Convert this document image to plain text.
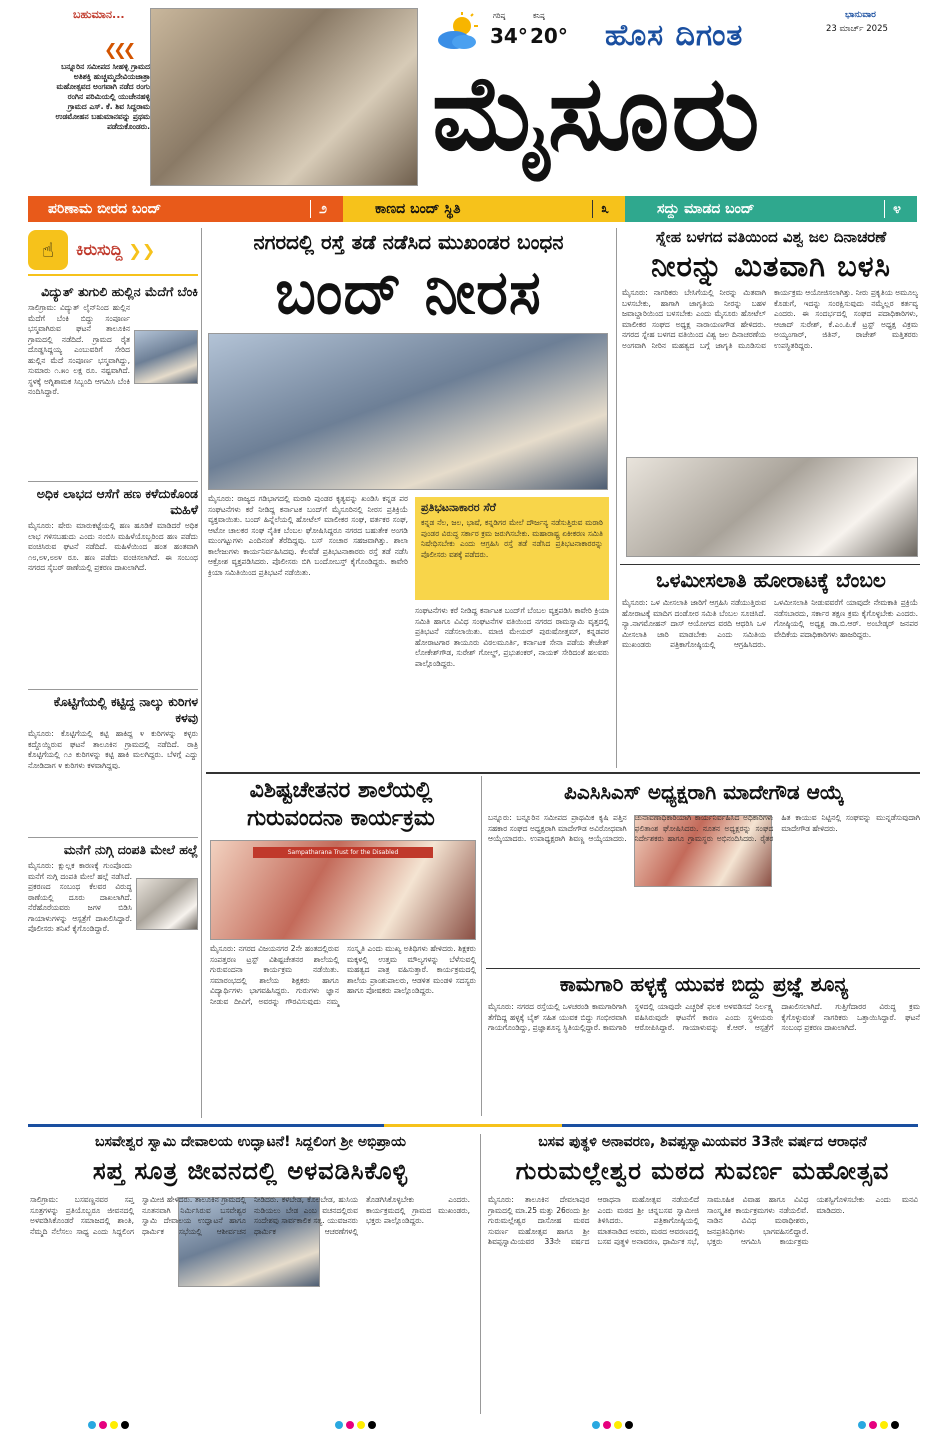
ಬಹುಮಾನ...
❮❮❮
ಬನ್ನೂರಿನ ಸಮೀಪದ ಸೀಹಳ್ಳಿ ಗ್ರಾಮದ ಅತಿಶಕ್ತಿ ಹುಚ್ಚಮ್ಮದೇವಿಯಜಾತ್ರಾ ಮಹೋತ್ಸವದ ಅಂಗವಾಗಿ ನಡೆದ ರಂಗು ರಂಗಿನ ಪರಿಮಿಯಲ್ಲಿ ಯುಚೇನಹಳ್ಳಿ ಗ್ರಾಮದ ಎಸ್. ಕೆ. ಶಿವ ಸಿದ್ದರಾಮ ಉಡಮೋಹನ ಬಹುಮಾನವನ್ನು ಪ್ರಥಮ ಪಡೆದುಕೊಂಡರು.
ಗರಿಷ್ಠ
34°
ಕನಿಷ್ಠ
20° ಹೊಸ ದಿಗಂತ
ಭಾನುವಾರ
23 ಮಾರ್ಚ್ 2025
ಮೈಸೂರು
ಪರಿಣಾಮ ಬೀರದ ಬಂದ್	೨	ಕಾಣದ ಬಂದ್ ಸ್ಥಿತಿ	೩	ಸದ್ದು ಮಾಡದ ಬಂದ್	೪
☝	ಕಿರುಸುದ್ದಿ ❯❯
ವಿದ್ಯುತ್ ತುಗುಲಿ ಹುಲ್ಲಿನ ಮೆದೆಗೆ ಬೆಂಕಿ
ಸಾಲಿಗ್ರಾಮ: ವಿದ್ಯುತ್ ಲೈನ್‌ನಿಂದ ಹುಲ್ಲಿನ ಮೆದೆಗೆ ಬೆಂಕಿ ಬಿದ್ದು ಸಂಪೂರ್ಣ ಭಸ್ಮವಾಗಿರುವ ಘಟನೆ ತಾಲೂಕಿನ ಗ್ರಾಮದಲ್ಲಿ ನಡೆದಿದೆ. ಗ್ರಾಮದ ರೈತ ದೊಡ್ಡಸಿದ್ದಯ್ಯ ಎಂಬುವರಿಗೆ ಸೇರಿದ ಹುಲ್ಲಿನ ಮೆದೆ ಸಂಪೂರ್ಣ ಭಸ್ಮವಾಗಿದ್ದು, ಸುಮಾರು ೧.೫೦ ಲಕ್ಷ ರೂ. ನಷ್ಟವಾಗಿದೆ. ಸ್ಥಳಕ್ಕೆ ಅಗ್ನಿಶಾಮಕ ಸಿಬ್ಬಂದಿ ಆಗಮಿಸಿ ಬೆಂಕಿ ನಂದಿಸಿದ್ದಾರೆ.
ಅಧಿಕ ಲಾಭದ ಆಸೆಗೆ ಹಣ ಕಳೆದುಕೊಂಡ ಮಹಿಳೆ
ಮೈಸೂರು: ಷೇರು ಮಾರುಕಟ್ಟೆಯಲ್ಲಿ ಹಣ ಹೂಡಿಕೆ ಮಾಡಿದರೆ ಅಧಿಕ ಲಾಭ ಗಳಿಸಬಹುದು ಎಂದು ನಂಬಿಸಿ ಮಹಿಳೆಯೊಬ್ಬರಿಂದ ಹಣ ಪಡೆದು ವಂಚಿಸಿರುವ ಘಟನೆ ನಡೆದಿದೆ. ಮಹಿಳೆಯಿಂದ ಹಂತ ಹಂತವಾಗಿ ೧೮,೮೪,೮೮೪ ರೂ. ಹಣ ಪಡೆದು ವಂಚಿಸಲಾಗಿದೆ. ಈ ಸಂಬಂಧ ನಗರದ ಸೈಬರ್ ಠಾಣೆಯಲ್ಲಿ ಪ್ರಕರಣ ದಾಖಲಾಗಿದೆ.
ಕೊಟ್ಟಿಗೆಯಲ್ಲಿ ಕಟ್ಟಿದ್ದ ನಾಲ್ಕು ಕುರಿಗಳ ಕಳವು
ಮೈಸೂರು: ಕೊಟ್ಟಿಗೆಯಲ್ಲಿ ಕಟ್ಟಿ ಹಾಕಿದ್ದ ೪ ಕುರಿಗಳನ್ನು ಕಳ್ಳರು ಕದ್ದೊಯ್ದಿರುವ ಘಟನೆ ತಾಲೂಕಿನ ಗ್ರಾಮದಲ್ಲಿ ನಡೆದಿದೆ. ರಾತ್ರಿ ಕೊಟ್ಟಿಗೆಯಲ್ಲಿ ೧೨ ಕುರಿಗಳನ್ನು ಕಟ್ಟಿ ಹಾಕಿ ಮಲಗಿದ್ದರು. ಬೆಳಗ್ಗೆ ಎದ್ದು ನೋಡಿದಾಗ ೪ ಕುರಿಗಳು ಕಳವಾಗಿದ್ದವು.
ಮನೆಗೆ ನುಗ್ಗಿ ದಂಪತಿ ಮೇಲೆ ಹಲ್ಲೆ
ಮೈಸೂರು: ಕ್ಷುಲ್ಲಕ ಕಾರಣಕ್ಕೆ ಗುಂಪೊಂದು ಮನೆಗೆ ನುಗ್ಗಿ ದಂಪತಿ ಮೇಲೆ ಹಲ್ಲೆ ನಡೆಸಿದೆ. ಪ್ರಕರಣದ ಸಂಬಂಧ ಕೆಲವರ ವಿರುದ್ಧ ಠಾಣೆಯಲ್ಲಿ ದೂರು ದಾಖಲಾಗಿದೆ. ನೆರೆಹೊರೆಯವರು ಜಗಳ ಬಿಡಿಸಿ ಗಾಯಾಳುಗಳನ್ನು ಆಸ್ಪತ್ರೆಗೆ ದಾಖಲಿಸಿದ್ದಾರೆ. ಪೊಲೀಸರು ತನಿಖೆ ಕೈಗೊಂಡಿದ್ದಾರೆ.
ನಗರದಲ್ಲಿ ರಸ್ತೆ ತಡೆ ನಡೆಸಿದ ಮುಖಂಡರ ಬಂಧನ
ಬಂದ್ ನೀರಸ
ಮೈಸೂರು: ರಾಜ್ಯದ ಗಡಿಭಾಗದಲ್ಲಿ ಮರಾಠಿ ಪುಂಡರ ಕೃತ್ಯವನ್ನು ಖಂಡಿಸಿ ಕನ್ನಡ ಪರ ಸಂಘಟನೆಗಳು ಕರೆ ನೀಡಿದ್ದ ಕರ್ನಾಟಕ ಬಂದ್‌ಗೆ ಮೈಸೂರಿನಲ್ಲಿ ನೀರಸ ಪ್ರತಿಕ್ರಿಯೆ ವ್ಯಕ್ತವಾಯಿತು. ಬಂದ್ ಹಿನ್ನೆಲೆಯಲ್ಲಿ ಹೋಟೆಲ್ ಮಾಲೀಕರ ಸಂಘ, ವರ್ತಕರ ಸಂಘ, ಆಟೋ ಚಾಲಕರ ಸಂಘ ನೈತಿಕ ಬೆಂಬಲ ಘೋಷಿಸಿದ್ದರೂ ನಗರದ ಬಹುತೇಕ ಅಂಗಡಿ ಮುಂಗಟ್ಟುಗಳು ಎಂದಿನಂತೆ ತೆರೆದಿದ್ದವು. ಬಸ್ ಸಂಚಾರ ಸಹಜವಾಗಿತ್ತು. ಶಾಲಾ ಕಾಲೇಜುಗಳು ಕಾರ್ಯನಿರ್ವಹಿಸಿದವು. ಕೆಲವೆಡೆ ಪ್ರತಿಭಟನಾಕಾರರು ರಸ್ತೆ ತಡೆ ನಡೆಸಿ ಆಕ್ರೋಶ ವ್ಯಕ್ತಪಡಿಸಿದರು. ಪೊಲೀಸರು ಬಿಗಿ ಬಂದೋಬಸ್ತ್ ಕೈಗೊಂಡಿದ್ದರು. ಕಾವೇರಿ ಕ್ರಿಯಾ ಸಮಿತಿಯಿಂದ ಪ್ರತಿಭಟನೆ ನಡೆಯಿತು.
ಪ್ರತಿಭಟನಾಕಾರರ ಸೆರೆ
ಕನ್ನಡ ನೆಲ, ಜಲ, ಭಾಷೆ, ಕನ್ನಡಿಗರ ಮೇಲೆ ದೌರ್ಜನ್ಯ ನಡೆಸುತ್ತಿರುವ ಮರಾಠಿ ಪುಂಡರ ವಿರುದ್ಧ ಸರ್ಕಾರ ಕ್ರಮ ಜರುಗಿಸಬೇಕು. ಮಹಾರಾಷ್ಟ್ರ ಏಕೀಕರಣ ಸಮಿತಿ ನಿಷೇಧಿಸಬೇಕು ಎಂದು ಆಗ್ರಹಿಸಿ ರಸ್ತೆ ತಡೆ ನಡೆಸಿದ ಪ್ರತಿಭಟನಾಕಾರರನ್ನು ಪೊಲೀಸರು ವಶಕ್ಕೆ ಪಡೆದರು.
ಸಂಘಟನೆಗಳು ಕರೆ ನೀಡಿದ್ದ ಕರ್ನಾಟಕ ಬಂದ್‌ಗೆ ಬೆಂಬಲ ವ್ಯಕ್ತಪಡಿಸಿ ಕಾವೇರಿ ಕ್ರಿಯಾ ಸಮಿತಿ ಹಾಗೂ ವಿವಿಧ ಸಂಘಟನೆಗಳ ವತಿಯಿಂದ ನಗರದ ರಾಮಸ್ವಾಮಿ ವೃತ್ತದಲ್ಲಿ ಪ್ರತಿಭಟನೆ ನಡೆಸಲಾಯಿತು. ಮಾಜಿ ಮೇಯರ್ ಪುರುಷೋತ್ತಮ್, ಕನ್ನಡಪರ ಹೋರಾಟಗಾರ ತಾಯೂರು ವಿಠಲಮೂರ್ತಿ, ಕರ್ನಾಟಕ ಸೇನಾ ಪಡೆಯ ತೇಜೇಶ್ ಲೋಕೇಶ್‌ಗೌಡ, ಸುರೇಶ್ ಗೋಲ್ಡ್, ಪ್ರಭುಶಂಕರ್, ನಾಯಕ್ ಸೇರಿದಂತೆ ಹಲವರು ಪಾಲ್ಗೊಂಡಿದ್ದರು.
ಸ್ನೇಹ ಬಳಗದ ವತಿಯಿಂದ ವಿಶ್ವ ಜಲ ದಿನಾಚರಣೆ
ನೀರನ್ನು ಮಿತವಾಗಿ ಬಳಸಿ
ಮೈಸೂರು: ನಾಗರಿಕರು ಬೇಸಿಗೆಯಲ್ಲಿ ನೀರನ್ನು ಮಿತವಾಗಿ ಬಳಸಬೇಕು, ಹಾಗಾಗಿ ಜಾಗೃತಿಯ ನೀರನ್ನು ಬಹಳ ಜವಾಬ್ದಾರಿಯಿಂದ ಬಳಸಬೇಕು ಎಂದು ಮೈಸೂರು ಹೋಟೆಲ್ ಮಾಲೀಕರ ಸಂಘದ ಅಧ್ಯಕ್ಷ ನಾರಾಯಣಗೌಡ ಹೇಳಿದರು. ನಗರದ ಸ್ನೇಹ ಬಳಗದ ವತಿಯಿಂದ ವಿಶ್ವ ಜಲ ದಿನಾಚರಣೆಯ ಅಂಗವಾಗಿ ನೀರಿನ ಮಹತ್ವದ ಬಗ್ಗೆ ಜಾಗೃತಿ ಮೂಡಿಸುವ ಕಾರ್ಯಕ್ರಮ ಆಯೋಜಿಸಲಾಗಿತ್ತು. ನೀರು ಪ್ರಕೃತಿಯ ಅಮೂಲ್ಯ ಕೊಡುಗೆ, ಇದನ್ನು ಸಂರಕ್ಷಿಸುವುದು ನಮ್ಮೆಲ್ಲರ ಕರ್ತವ್ಯ ಎಂದರು. ಈ ಸಂದರ್ಭದಲ್ಲಿ ಸಂಘದ ಪದಾಧಿಕಾರಿಗಳು, ಆಜಾದ್ ಸುರೇಶ್, ಕೆ.ಎಂ.ಪಿ.ಕೆ ಟ್ರಸ್ಟ್ ಅಧ್ಯಕ್ಷ ವಿಕ್ರಮ ಅಯ್ಯಂಗಾರ್, ಜಿತಿನ್, ರಾಜೇಶ್ ಮತ್ತಿತರರು ಉಪಸ್ಥಿತರಿದ್ದರು.
ಒಳಮೀಸಲಾತಿ ಹೋರಾಟಕ್ಕೆ ಬೆಂಬಲ
ಮೈಸೂರು: ಒಳ ಮೀಸಲಾತಿ ಜಾರಿಗೆ ಆಗ್ರಹಿಸಿ ನಡೆಯುತ್ತಿರುವ ಹೋರಾಟಕ್ಕೆ ಮಾದಿಗ ದಂಡೋರ ಸಮಿತಿ ಬೆಂಬಲ ಸೂಚಿಸಿದೆ. ನ್ಯಾ.ನಾಗಮೋಹನ್ ದಾಸ್ ಆಯೋಗದ ವರದಿ ಆಧರಿಸಿ ಒಳ ಮೀಸಲಾತಿ ಜಾರಿ ಮಾಡಬೇಕು ಎಂದು ಸಮಿತಿಯ ಮುಖಂಡರು ಪತ್ರಿಕಾಗೋಷ್ಠಿಯಲ್ಲಿ ಆಗ್ರಹಿಸಿದರು. ಒಳಮೀಸಲಾತಿ ನೀಡುವವರೆಗೆ ಯಾವುದೇ ನೇಮಕಾತಿ ಪ್ರಕ್ರಿಯೆ ನಡೆಸಬಾರದು, ಸರ್ಕಾರ ತಕ್ಷಣ ಕ್ರಮ ಕೈಗೊಳ್ಳಬೇಕು ಎಂದರು. ಗೋಷ್ಠಿಯಲ್ಲಿ ಅಧ್ಯಕ್ಷ ಡಾ.ಬಿ.ಆರ್. ಅಂಬೇಡ್ಕರ್ ಜನಪರ ವೇದಿಕೆಯ ಪದಾಧಿಕಾರಿಗಳು ಹಾಜರಿದ್ದರು.
ವಿಶಿಷ್ಟಚೇತನರ ಶಾಲೆಯಲ್ಲಿ
ಗುರುವಂದನಾ ಕಾರ್ಯಕ್ರಮ
Sampatharana Trust for the Disabled
ಮೈಸೂರು: ನಗರದ ವಿಜಯನಗರ 2ನೇ ಹಂತದಲ್ಲಿರುವ ಸಂಪತ್ತರಣ ಟ್ರಸ್ಟ್ ವಿಶಿಷ್ಟಚೇತನರ ಶಾಲೆಯಲ್ಲಿ ಗುರುವಂದನಾ ಕಾರ್ಯಕ್ರಮ ನಡೆಯಿತು. ಸಮಾರಂಭದಲ್ಲಿ ಶಾಲೆಯ ಶಿಕ್ಷಕರು ಹಾಗೂ ವಿದ್ಯಾರ್ಥಿಗಳು ಭಾಗವಹಿಸಿದ್ದರು. ಗುರುಗಳು ಜ್ಞಾನ ನೀಡುವ ದೀವಿಗೆ, ಅವರನ್ನು ಗೌರವಿಸುವುದು ನಮ್ಮ ಸಂಸ್ಕೃತಿ ಎಂದು ಮುಖ್ಯ ಅತಿಥಿಗಳು ಹೇಳಿದರು. ಶಿಕ್ಷಕರು ಮಕ್ಕಳಲ್ಲಿ ಉತ್ತಮ ಮೌಲ್ಯಗಳನ್ನು ಬೆಳೆಸುವಲ್ಲಿ ಮಹತ್ವದ ಪಾತ್ರ ವಹಿಸುತ್ತಾರೆ. ಕಾರ್ಯಕ್ರಮದಲ್ಲಿ ಶಾಲೆಯ ಪ್ರಾಂಶುಪಾಲರು, ಆಡಳಿತ ಮಂಡಳಿ ಸದಸ್ಯರು ಹಾಗೂ ಪೋಷಕರು ಪಾಲ್ಗೊಂಡಿದ್ದರು.
ಪಿಎಸಿಸಿಎಸ್ ಅಧ್ಯಕ್ಷರಾಗಿ ಮಾದೇಗೌಡ ಆಯ್ಕೆ
ಬನ್ನೂರು: ಬನ್ನೂರಿನ ಸಮೀಪದ ಪ್ರಾಥಮಿಕ ಕೃಷಿ ಪತ್ತಿನ ಸಹಕಾರ ಸಂಘದ ಅಧ್ಯಕ್ಷರಾಗಿ ಮಾದೇಗೌಡ ಅವಿರೋಧವಾಗಿ ಆಯ್ಕೆಯಾದರು. ಉಪಾಧ್ಯಕ್ಷರಾಗಿ ಶಿವಣ್ಣ ಆಯ್ಕೆಯಾದರು. ಚುನಾವಣಾಧಿಕಾರಿಯಾಗಿ ಕಾರ್ಯನಿರ್ವಹಿಸಿದ ಅಧಿಕಾರಿಗಳು ಫಲಿತಾಂಶ ಘೋಷಿಸಿದರು. ನೂತನ ಅಧ್ಯಕ್ಷರನ್ನು ಸಂಘದ ನಿರ್ದೇಶಕರು ಹಾಗೂ ಗ್ರಾಮಸ್ಥರು ಅಭಿನಂದಿಸಿದರು. ರೈತರ ಹಿತ ಕಾಯುವ ನಿಟ್ಟಿನಲ್ಲಿ ಸಂಘವನ್ನು ಮುನ್ನಡೆಸುವುದಾಗಿ ಮಾದೇಗೌಡ ಹೇಳಿದರು.
ಕಾಮಗಾರಿ ಹಳ್ಳಕ್ಕೆ ಯುವಕ ಬಿದ್ದು ಪ್ರಜ್ಞೆ ಶೂನ್ಯ
ಮೈಸೂರು: ನಗರದ ರಸ್ತೆಯಲ್ಲಿ ಒಳಚರಂಡಿ ಕಾಮಗಾರಿಗಾಗಿ ತೆಗೆದಿದ್ದ ಹಳ್ಳಕ್ಕೆ ಬೈಕ್ ಸಹಿತ ಯುವಕ ಬಿದ್ದು ಗಂಭೀರವಾಗಿ ಗಾಯಗೊಂಡಿದ್ದು, ಪ್ರಜ್ಞಾಶೂನ್ಯ ಸ್ಥಿತಿಯಲ್ಲಿದ್ದಾರೆ. ಕಾಮಗಾರಿ ಸ್ಥಳದಲ್ಲಿ ಯಾವುದೇ ಎಚ್ಚರಿಕೆ ಫಲಕ ಅಳವಡಿಸದೆ ನಿರ್ಲಕ್ಷ್ಯ ವಹಿಸಿರುವುದೇ ಘಟನೆಗೆ ಕಾರಣ ಎಂದು ಸ್ಥಳೀಯರು ಆರೋಪಿಸಿದ್ದಾರೆ. ಗಾಯಾಳುವನ್ನು ಕೆ.ಆರ್. ಆಸ್ಪತ್ರೆಗೆ ದಾಖಲಿಸಲಾಗಿದೆ. ಗುತ್ತಿಗೆದಾರರ ವಿರುದ್ಧ ಕ್ರಮ ಕೈಗೊಳ್ಳುವಂತೆ ನಾಗರಿಕರು ಒತ್ತಾಯಿಸಿದ್ದಾರೆ. ಘಟನೆ ಸಂಬಂಧ ಪ್ರಕರಣ ದಾಖಲಾಗಿದೆ.
ಬಸವೇಶ್ವರ ಸ್ವಾಮಿ ದೇವಾಲಯ ಉದ್ಘಾಟನೆ! ಸಿದ್ದಲಿಂಗ ಶ್ರೀ ಅಭಿಪ್ರಾಯ
ಸಪ್ತ ಸೂತ್ರ ಜೀವನದಲ್ಲಿ ಅಳವಡಿಸಿಕೊಳ್ಳಿ
ಸಾಲಿಗ್ರಾಮ: ಬಸವಣ್ಣನವರ ಸಪ್ತ ಸೂತ್ರಗಳನ್ನು ಪ್ರತಿಯೊಬ್ಬರೂ ಜೀವನದಲ್ಲಿ ಅಳವಡಿಸಿಕೊಂಡರೆ ಸಮಾಜದಲ್ಲಿ ಶಾಂತಿ, ನೆಮ್ಮದಿ ನೆಲೆಸಲು ಸಾಧ್ಯ ಎಂದು ಸಿದ್ದಲಿಂಗ ಸ್ವಾಮೀಜಿ ಹೇಳಿದರು. ತಾಲೂಕಿನ ಗ್ರಾಮದಲ್ಲಿ ನೂತನವಾಗಿ ನಿರ್ಮಿಸಿರುವ ಬಸವೇಶ್ವರ ಸ್ವಾಮಿ ದೇವಾಲಯ ಉದ್ಘಾಟನೆ ಹಾಗೂ ಧಾರ್ಮಿಕ ಸಭೆಯಲ್ಲಿ ಆಶೀರ್ವಚನ ನೀಡಿದರು. ಕಳಬೇಡ, ಕೊಲಬೇಡ, ಹುಸಿಯ ನುಡಿಯಲು ಬೇಡ ಎಂಬ ವಚನದಲ್ಲಿರುವ ಸಂದೇಶವು ಸಾರ್ವಕಾಲಿಕ ಸತ್ಯ. ಯುವಜನರು ಧಾರ್ಮಿಕ ಆಚರಣೆಗಳಲ್ಲಿ ತೊಡಗಿಸಿಕೊಳ್ಳಬೇಕು ಎಂದರು. ಕಾರ್ಯಕ್ರಮದಲ್ಲಿ ಗ್ರಾಮದ ಮುಖಂಡರು, ಭಕ್ತರು ಪಾಲ್ಗೊಂಡಿದ್ದರು.
ಬಸವ ಪುತ್ಥಳಿ ಅನಾವರಣ, ಶಿವಪ್ಪಸ್ವಾಮಿಯವರ 33ನೇ ವರ್ಷದ ಆರಾಧನೆ
ಗುರುಮಲ್ಲೇಶ್ವರ ಮಠದ ಸುವರ್ಣ ಮಹೋತ್ಸವ
ಮೈಸೂರು: ತಾಲೂಕಿನ ದೇವಲಾಪುರ ಗ್ರಾಮದಲ್ಲಿ ಮಾ.25 ಮತ್ತು 26ರಂದು ಶ್ರೀ ಗುರುಮಲ್ಲೇಶ್ವರ ದಾಸೋಹ ಮಠದ ಸುವರ್ಣ ಮಹೋತ್ಸವ ಹಾಗೂ ಶ್ರೀ ಶಿವಪ್ಪಸ್ವಾಮಿಯವರ 33ನೇ ವರ್ಷದ ಆರಾಧನಾ ಮಹೋತ್ಸವ ನಡೆಯಲಿದೆ ಎಂದು ಮಠದ ಶ್ರೀ ಚನ್ನಬಸವ ಸ್ವಾಮೀಜಿ ತಿಳಿಸಿದರು. ಪತ್ರಿಕಾಗೋಷ್ಠಿಯಲ್ಲಿ ಮಾತನಾಡಿದ ಅವರು, ಮಠದ ಆವರಣದಲ್ಲಿ ಬಸವ ಪುತ್ಥಳಿ ಅನಾವರಣ, ಧಾರ್ಮಿಕ ಸಭೆ, ಸಾಮೂಹಿಕ ವಿವಾಹ ಹಾಗೂ ವಿವಿಧ ಸಾಂಸ್ಕೃತಿಕ ಕಾರ್ಯಕ್ರಮಗಳು ನಡೆಯಲಿವೆ. ನಾಡಿನ ವಿವಿಧ ಮಠಾಧೀಶರು, ಜನಪ್ರತಿನಿಧಿಗಳು ಭಾಗವಹಿಸಲಿದ್ದಾರೆ. ಭಕ್ತರು ಆಗಮಿಸಿ ಕಾರ್ಯಕ್ರಮ ಯಶಸ್ವಿಗೊಳಿಸಬೇಕು ಎಂದು ಮನವಿ ಮಾಡಿದರು.
